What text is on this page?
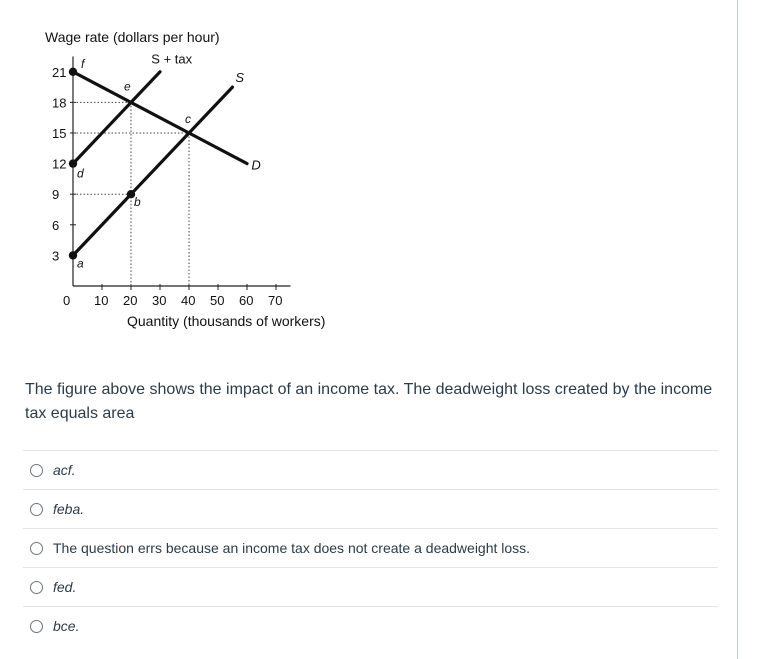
Wage rate (dollars per hour)
Quantity (thousands of workers)
0
21
18
15
12
9
6
3
10 20 30 40 50 60 70
f
e
c
d
b
a
S + tax
S
D
The figure above shows the impact of an income tax. The deadweight loss created by the income tax equals area
acf.
feba.
The question errs because an income tax does not create a deadweight loss.
fed.
bce.
